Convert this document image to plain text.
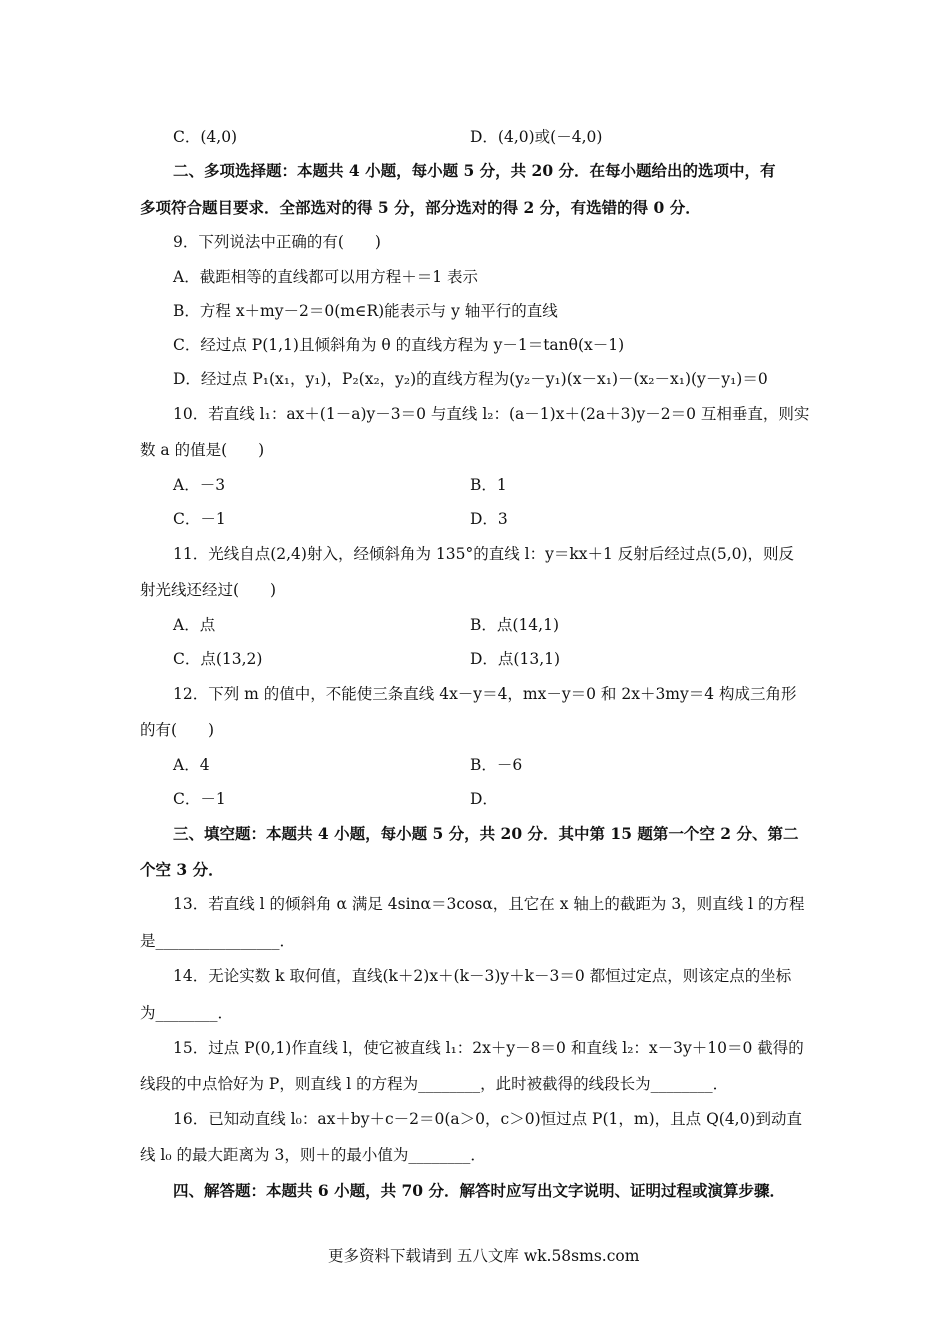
C．(4,0)	D．(4,0)或(－4,0)
二、多项选择题：本题共 4 小题，每小题 5 分，共 20 分．在每小题给出的选项中，有
多项符合题目要求．全部选对的得 5 分，部分选对的得 2 分，有选错的得 0 分．
9．下列说法中正确的有(　　)
A．截距相等的直线都可以用方程＋＝1 表示
B．方程 x＋my－2＝0(m∈R)能表示与 y 轴平行的直线
C．经过点 P(1,1)且倾斜角为 θ 的直线方程为 y－1＝tanθ(x－1)
D．经过点 P₁(x₁，y₁)，P₂(x₂，y₂)的直线方程为(y₂－y₁)(x－x₁)－(x₂－x₁)(y－y₁)＝0
10．若直线 l₁：ax＋(1－a)y－3＝0 与直线 l₂：(a－1)x＋(2a＋3)y－2＝0 互相垂直，则实
数 a 的值是(　　)
A．－3	B．1
C．－1	D．3
11．光线自点(2,4)射入，经倾斜角为 135°的直线 l：y＝kx＋1 反射后经过点(5,0)，则反
射光线还经过(　　)
A．点	B．点(14,1)
C．点(13,2)	D．点(13,1)
12．下列 m 的值中，不能使三条直线 4x－y＝4，mx－y＝0 和 2x＋3my＝4 构成三角形
的有(　　)
A．4	B．－6
C．－1	D．
三、填空题：本题共 4 小题，每小题 5 分，共 20 分．其中第 15 题第一个空 2 分、第二
个空 3 分．
13．若直线 l 的倾斜角 α 满足 4sinα＝3cosα，且它在 x 轴上的截距为 3，则直线 l 的方程
是________________．
14．无论实数 k 取何值，直线(k＋2)x＋(k－3)y＋k－3＝0 都恒过定点，则该定点的坐标
为________．
15．过点 P(0,1)作直线 l，使它被直线 l₁：2x＋y－8＝0 和直线 l₂：x－3y＋10＝0 截得的
线段的中点恰好为 P，则直线 l 的方程为________，此时被截得的线段长为________．
16．已知动直线 l₀：ax＋by＋c－2＝0(a＞0，c＞0)恒过点 P(1，m)，且点 Q(4,0)到动直
线 l₀ 的最大距离为 3，则＋的最小值为________．
四、解答题：本题共 6 小题，共 70 分．解答时应写出文字说明、证明过程或演算步骤．
更多资料下载请到 五八文库 wk.58sms.com
